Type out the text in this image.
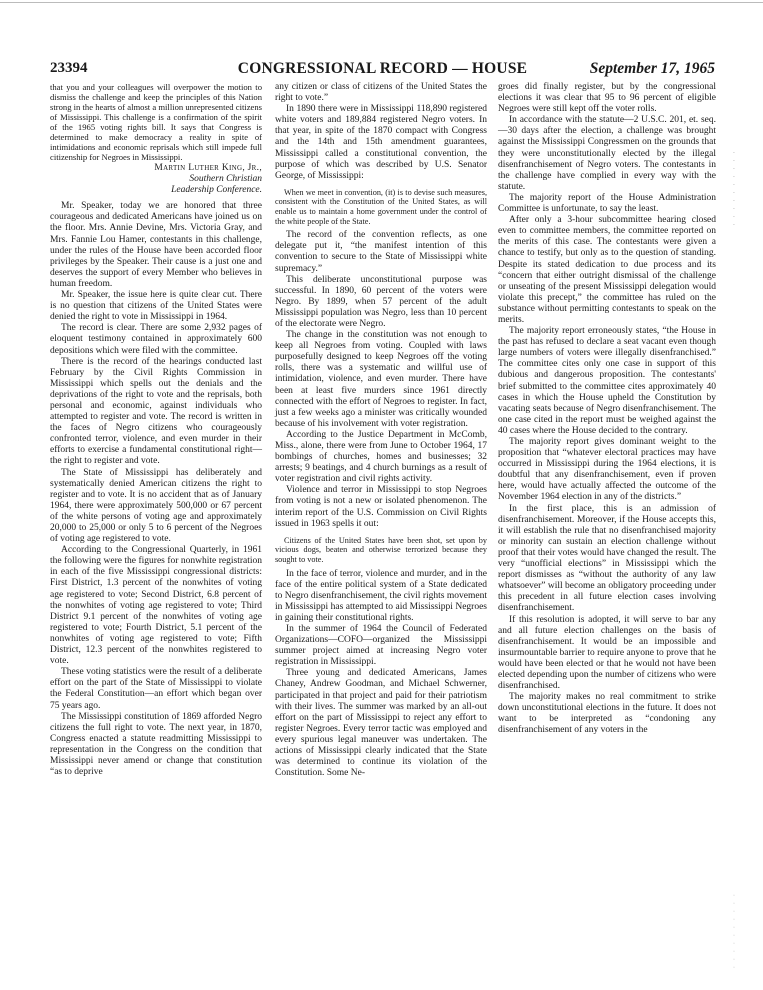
23394	CONGRESSIONAL RECORD — HOUSE	September 17, 1965

that you and your colleagues will overpower the motion to dismiss the challenge and keep the principles of this Nation strong in the hearts of almost a million unrepresented citizens of Mississippi. This challenge is a confirmation of the spirit of the 1965 voting rights bill. It says that Congress is determined to make democracy a reality in spite of intimidations and economic reprisals which still impede full citizenship for Negroes in Mississippi.

Martin Luther King, Jr.,
Southern Christian
Leadership Conference.

Mr. Speaker, today we are honored that three courageous and dedicated Americans have joined us on the floor. Mrs. Annie Devine, Mrs. Victoria Gray, and Mrs. Fannie Lou Hamer, contestants in this challenge, under the rules of the House have been accorded floor privileges by the Speaker. Their cause is a just one and deserves the support of every Member who believes in human freedom.

Mr. Speaker, the issue here is quite clear cut. There is no question that citizens of the United States were denied the right to vote in Mississippi in 1964.

The record is clear. There are some 2,932 pages of eloquent testimony contained in approximately 600 depositions which were filed with the committee.

There is the record of the hearings conducted last February by the Civil Rights Commission in Mississippi which spells out the denials and the deprivations of the right to vote and the reprisals, both personal and economic, against individuals who attempted to register and vote. The record is written in the faces of Negro citizens who courageously confronted terror, violence, and even murder in their efforts to exercise a fundamental constitutional right—the right to register and vote.

The State of Mississippi has deliberately and systematically denied American citizens the right to register and to vote. It is no accident that as of January 1964, there were approximately 500,000 or 67 percent of the white persons of voting age and approximately 20,000 to 25,000 or only 5 to 6 percent of the Negroes of voting age registered to vote.

According to the Congressional Quarterly, in 1961 the following were the figures for nonwhite registration in each of the five Mississippi congressional districts: First District, 1.3 percent of the nonwhites of voting age registered to vote; Second District, 6.8 percent of the nonwhites of voting age registered to vote; Third District 9.1 percent of the nonwhites of voting age registered to vote; Fourth District, 5.1 percent of the nonwhites of voting age registered to vote; Fifth District, 12.3 percent of the nonwhites registered to vote.

These voting statistics were the result of a deliberate effort on the part of the State of Mississippi to violate the Federal Constitution—an effort which began over 75 years ago.

The Mississippi constitution of 1869 afforded Negro citizens the full right to vote. The next year, in 1870, Congress enacted a statute readmitting Mississippi to representation in the Congress on the condition that Mississippi never amend or change that constitution “as to deprive

any citizen or class of citizens of the United States the right to vote.”

In 1890 there were in Mississippi 118,890 registered white voters and 189,884 registered Negro voters. In that year, in spite of the 1870 compact with Congress and the 14th and 15th amendment guarantees, Mississippi called a constitutional convention, the purpose of which was described by U.S. Senator George, of Mississippi:

When we meet in convention, (it) is to devise such measures, consistent with the Constitution of the United States, as will enable us to maintain a home government under the control of the white people of the State.

The record of the convention reflects, as one delegate put it, “the manifest intention of this convention to secure to the State of Mississippi white supremacy.”

This deliberate unconstitutional purpose was successful. In 1890, 60 percent of the voters were Negro. By 1899, when 57 percent of the adult Mississippi population was Negro, less than 10 percent of the electorate were Negro.

The change in the constitution was not enough to keep all Negroes from voting. Coupled with laws purposefully designed to keep Negroes off the voting rolls, there was a systematic and willful use of intimidation, violence, and even murder. There have been at least five murders since 1961 directly connected with the effort of Negroes to register. In fact, just a few weeks ago a minister was critically wounded because of his involvement with voter registration.

According to the Justice Department in McComb, Miss., alone, there were from June to October 1964, 17 bombings of churches, homes and businesses; 32 arrests; 9 beatings, and 4 church burnings as a result of voter registration and civil rights activity.

Violence and terror in Mississippi to stop Negroes from voting is not a new or isolated phenomenon. The interim report of the U.S. Commission on Civil Rights issued in 1963 spells it out:

Citizens of the United States have been shot, set upon by vicious dogs, beaten and otherwise terrorized because they sought to vote.

In the face of terror, violence and murder, and in the face of the entire political system of a State dedicated to Negro disenfranchisement, the civil rights movement in Mississippi has attempted to aid Mississippi Negroes in gaining their constitutional rights.

In the summer of 1964 the Council of Federated Organizations—COFO—organized the Mississippi summer project aimed at increasing Negro voter registration in Mississippi.

Three young and dedicated Americans, James Chaney, Andrew Goodman, and Michael Schwerner, participated in that project and paid for their patriotism with their lives. The summer was marked by an all-out effort on the part of Mississippi to reject any effort to register Negroes. Every terror tactic was employed and every spurious legal maneuver was undertaken. The actions of Mississippi clearly indicated that the State was determined to continue its violation of the Constitution. Some Ne-

groes did finally register, but by the congressional elections it was clear that 95 to 96 percent of eligible Negroes were still kept off the voter rolls.

In accordance with the statute—2 U.S.C. 201, et. seq.—30 days after the election, a challenge was brought against the Mississippi Congressmen on the grounds that they were unconstitutionally elected by the illegal disenfranchisement of Negro voters. The contestants in the challenge have complied in every way with the statute.

The majority report of the House Administration Committee is unfortunate, to say the least.

After only a 3-hour subcommittee hearing closed even to committee members, the committee reported on the merits of this case. The contestants were given a chance to testify, but only as to the question of standing. Despite its stated dedication to due process and its “concern that either outright dismissal of the challenge or unseating of the present Mississippi delegation would violate this precept,” the committee has ruled on the substance without permitting contestants to speak on the merits.

The majority report erroneously states, “the House in the past has refused to declare a seat vacant even though large numbers of voters were illegally disenfranchised.” The committee cites only one case in support of this dubious and dangerous proposition. The contestants' brief submitted to the committee cites approximately 40 cases in which the House upheld the Constitution by vacating seats because of Negro disenfranchisement. The one case cited in the report must be weighed against the 40 cases where the House decided to the contrary.

The majority report gives dominant weight to the proposition that “whatever electoral practices may have occurred in Mississippi during the 1964 elections, it is doubtful that any disenfranchisement, even if proven here, would have actually affected the outcome of the November 1964 election in any of the districts.”

In the first place, this is an admission of disenfranchisement. Moreover, if the House accepts this, it will establish the rule that no disenfranchised majority or minority can sustain an election challenge without proof that their votes would have changed the result. The very “unofficial elections” in Mississippi which the report dismisses as “without the authority of any law whatsoever” will become an obligatory proceeding under this precedent in all future election cases involving disenfranchisement.

If this resolution is adopted, it will serve to bar any and all future election challenges on the basis of disenfranchisement. It would be an impossible and insurmountable barrier to require anyone to prove that he would have been elected or that he would not have been elected depending upon the number of citizens who were disenfranchised.

The majority makes no real commitment to strike down unconstitutional elections in the future. It does not want to be interpreted as “condoning any disenfranchisement of any voters in the

·
·
·
·
·
·
·
·
·
·
·
·
·
·
·
·
·
·
·
·
